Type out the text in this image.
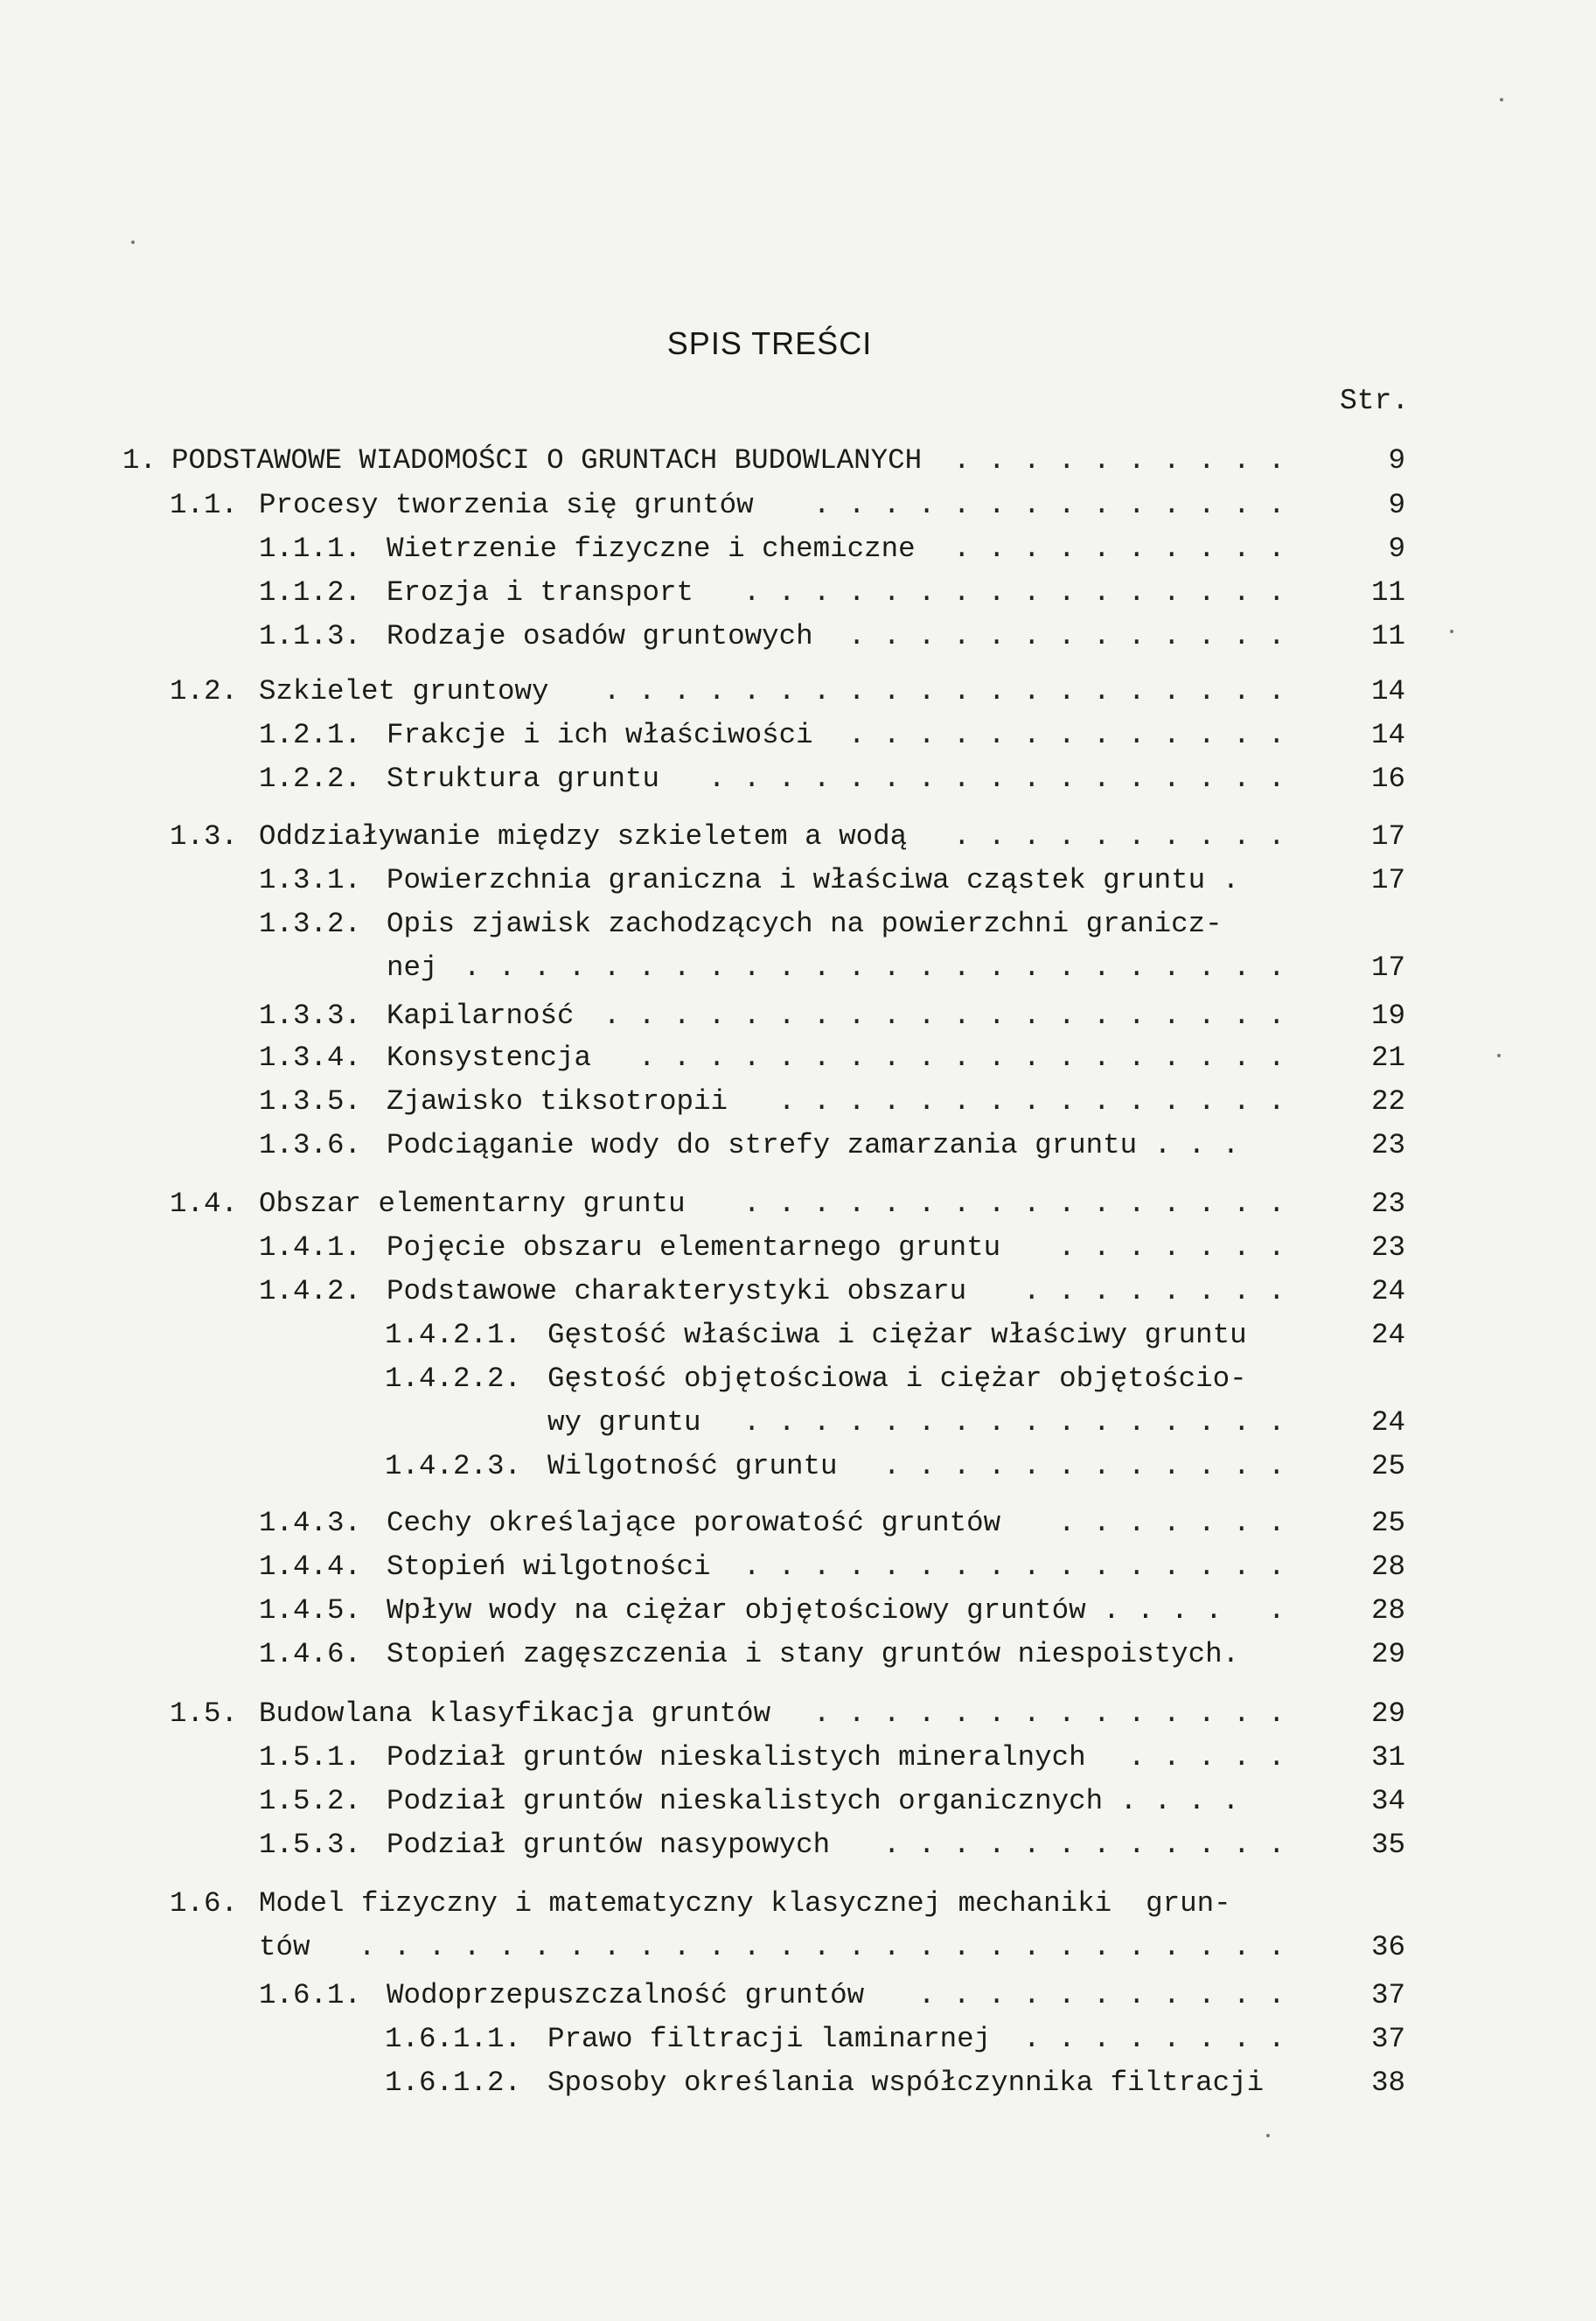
SPIS TREŚCI
Str.
1. PODSTAWOWE WIADOMOŚCI O GRUNTACH BUDOWLANYCH . . . . . . . . . .	9
1.1. Procesy tworzenia się gruntów . . . . . . . . . . . . . .	9
1.1.1. Wietrzenie fizyczne i chemiczne . . . . . . . . . .	9
1.1.2. Erozja i transport . . . . . . . . . . . . . . . .	11
1.1.3. Rodzaje osadów gruntowych . . . . . . . . . . . . .	11
1.2. Szkielet gruntowy . . . . . . . . . . . . . . . . . . . .	14
1.2.1. Frakcje i ich właściwości . . . . . . . . . . . . .	14
1.2.2. Struktura gruntu . . . . . . . . . . . . . . . . .	16
1.3. Oddziaływanie między szkieletem a wodą . . . . . . . . . .	17
1.3.1. Powierzchnia graniczna i właściwa cząstek gruntu .	17
1.3.2. Opis zjawisk zachodzących na powierzchni granicz-
nej . . . . . . . . . . . . . . . . . . . . . . . .	17
1.3.3. Kapilarność . . . . . . . . . . . . . . . . . . . .	19
1.3.4. Konsystencja . . . . . . . . . . . . . . . . . . .	21
1.3.5. Zjawisko tiksotropii . . . . . . . . . . . . . . .	22
1.3.6. Podciąganie wody do strefy zamarzania gruntu . . .	23
1.4. Obszar elementarny gruntu . . . . . . . . . . . . . . . .	23
1.4.1. Pojęcie obszaru elementarnego gruntu . . . . . . .	23
1.4.2. Podstawowe charakterystyki obszaru . . . . . . . .	24
1.4.2.1. Gęstość właściwa i ciężar właściwy gruntu	24
1.4.2.2. Gęstość objętościowa i ciężar objętościo-
wy gruntu . . . . . . . . . . . . . . . .	24
1.4.2.3. Wilgotność gruntu . . . . . . . . . . . .	25
1.4.3. Cechy określające porowatość gruntów . . . . . . .	25
1.4.4. Stopień wilgotności . . . . . . . . . . . . . . . .	28
1.4.5. Wpływ wody na ciężar objętościowy gruntów . . . . .	28
1.4.6. Stopień zagęszczenia i stany gruntów niespoistych.	29
1.5. Budowlana klasyfikacja gruntów . . . . . . . . . . . . . .	29
1.5.1. Podział gruntów nieskalistych mineralnych . . . . .	31
1.5.2. Podział gruntów nieskalistych organicznych . . . .	34
1.5.3. Podział gruntów nasypowych . . . . . . . . . . . .	35
1.6. Model fizyczny i matematyczny klasycznej mechaniki  grun-
tów . . . . . . . . . . . . . . . . . . . . . . . . . . .	36
1.6.1. Wodoprzepuszczalność gruntów . . . . . . . . . . .	37
1.6.1.1. Prawo filtracji laminarnej . . . . . . . .	37
1.6.1.2. Sposoby określania współczynnika filtracji	38
